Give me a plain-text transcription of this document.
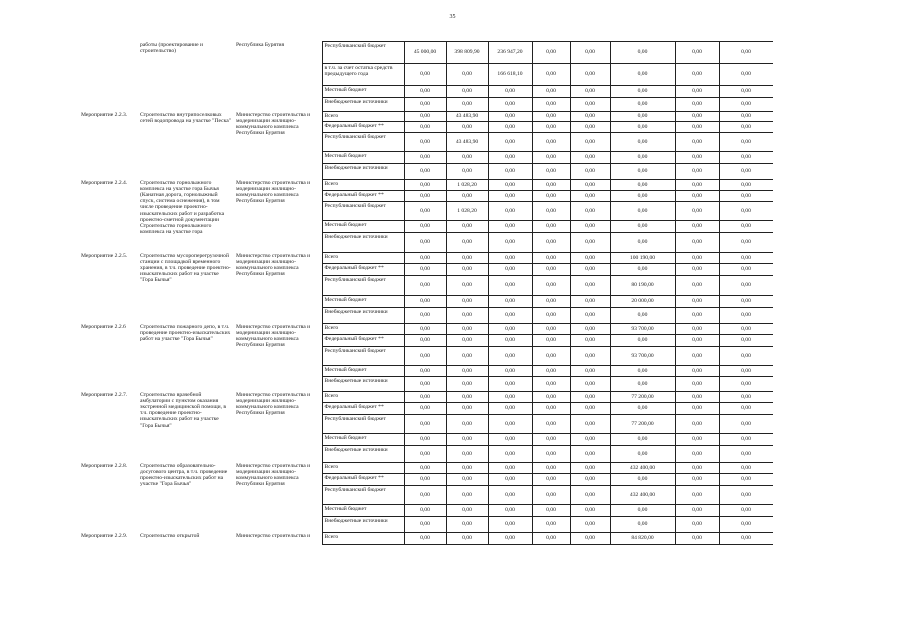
35

	работы (проектирование и строительство)	Республика Бурятия	Республиканский бюджет	45 000,00	398 809,90	236 947,20	0,00	0,00	0,00	0,00	0,00
			в т.ч. за счет остатка средств предыдущего года	0,00	0,00	166 618,10	0,00	0,00	0,00	0,00	0,00
			Местный бюджет	0,00	0,00	0,00	0,00	0,00	0,00	0,00	0,00
			Внебюджетные источники	0,00	0,00	0,00	0,00	0,00	0,00	0,00	0,00

Мероприятие 2.2.3.	Строительство внутрипоселковых сетей водопровода на участке "Песка"	Министерство строительства и модернизации жилищно-коммунального комплекса Республики Бурятия	Всего	0,00	43 483,90	0,00	0,00	0,00	0,00	0,00	0,00
			Федеральный бюджет **	0,00	0,00	0,00	0,00	0,00	0,00	0,00	0,00
			Республиканский бюджет	0,00	43 483,90	0,00	0,00	0,00	0,00	0,00	0,00
			Местный бюджет	0,00	0,00	0,00	0,00	0,00	0,00	0,00	0,00
			Внебюджетные источники	0,00	0,00	0,00	0,00	0,00	0,00	0,00	0,00

Мероприятие 2.2.4.	Строительство горнолыжного комплекса на участке гора Бычья (Канатная дорога, горнолыжный спуск, система оснежения), в том числе проведение проектно-изыскательских работ и разработка проектно-сметной документации Строительство горнолыжного комплекса на участке гора	Министерство строительства и модернизации жилищно-коммунального комплекса Республики Бурятия	Всего	0,00	1 028,20	0,00	0,00	0,00	0,00	0,00	0,00
			Федеральный бюджет **	0,00	0,00	0,00	0,00	0,00	0,00	0,00	0,00
			Республиканский бюджет	0,00	1 028,20	0,00	0,00	0,00	0,00	0,00	0,00
			Местный бюджет	0,00	0,00	0,00	0,00	0,00	0,00	0,00	0,00
			Внебюджетные источники	0,00	0,00	0,00	0,00	0,00	0,00	0,00	0,00

Мероприятие 2.2.5.	Строительство мусороперегрузочной станции с площадкой временного хранения, в т.ч. проведение проектно-изыскательских работ на участке "Гора Бычья"	Министерство строительства и модернизации жилищно-коммунального комплекса Республики Бурятия	Всего	0,00	0,00	0,00	0,00	0,00	100 190,00	0,00	0,00
			Федеральный бюджет **	0,00	0,00	0,00	0,00	0,00	0,00	0,00	0,00
			Республиканский бюджет	0,00	0,00	0,00	0,00	0,00	80 190,00	0,00	0,00
			Местный бюджет	0,00	0,00	0,00	0,00	0,00	20 000,00	0,00	0,00
			Внебюджетные источники	0,00	0,00	0,00	0,00	0,00	0,00	0,00	0,00

Мероприятие 2.2.6	Строительство пожарного депо, в т.ч. проведение проектно-изыскательских работ на участке "Гора Бычья"	Министерство строительства и модернизации жилищно-коммунального комплекса Республики Бурятия	Всего	0,00	0,00	0,00	0,00	0,00	93 700,00	0,00	0,00
			Федеральный бюджет **	0,00	0,00	0,00	0,00	0,00	0,00	0,00	0,00
			Республиканский бюджет	0,00	0,00	0,00	0,00	0,00	93 700,00	0,00	0,00
			Местный бюджет	0,00	0,00	0,00	0,00	0,00	0,00	0,00	0,00
			Внебюджетные источники	0,00	0,00	0,00	0,00	0,00	0,00	0,00	0,00

Мероприятие 2.2.7.	Строительство врачебной амбулатории с пунктом оказания экстренной медицинской помощи, в т.ч. проведение проектно-изыскательских работ на участке "Гора Бычья"	Министерство строительства и модернизации жилищно-коммунального комплекса Республики Бурятия	Всего	0,00	0,00	0,00	0,00	0,00	77 200,00	0,00	0,00
			Федеральный бюджет **	0,00	0,00	0,00	0,00	0,00	0,00	0,00	0,00
			Республиканский бюджет	0,00	0,00	0,00	0,00	0,00	77 200,00	0,00	0,00
			Местный бюджет	0,00	0,00	0,00	0,00	0,00	0,00	0,00	0,00
			Внебюджетные источники	0,00	0,00	0,00	0,00	0,00	0,00	0,00	0,00

Мероприятие 2.2.8.	Строительство образовательно-досугового центра, в т.ч. проведение проектно-изыскательских работ на участке "Гора Бычья"	Министерство строительства и модернизации жилищно-коммунального комплекса Республики Бурятия	Всего	0,00	0,00	0,00	0,00	0,00	432 400,00	0,00	0,00
			Федеральный бюджет **	0,00	0,00	0,00	0,00	0,00	0,00	0,00	0,00
			Республиканский бюджет	0,00	0,00	0,00	0,00	0,00	432 400,00	0,00	0,00
			Местный бюджет	0,00	0,00	0,00	0,00	0,00	0,00	0,00	0,00
			Внебюджетные источники	0,00	0,00	0,00	0,00	0,00	0,00	0,00	0,00

Мероприятие 2.2.9.	Строительство открытой	Министерство строительства и	Всего	0,00	0,00	0,00	0,00	0,00	84 820,00	0,00	0,00
